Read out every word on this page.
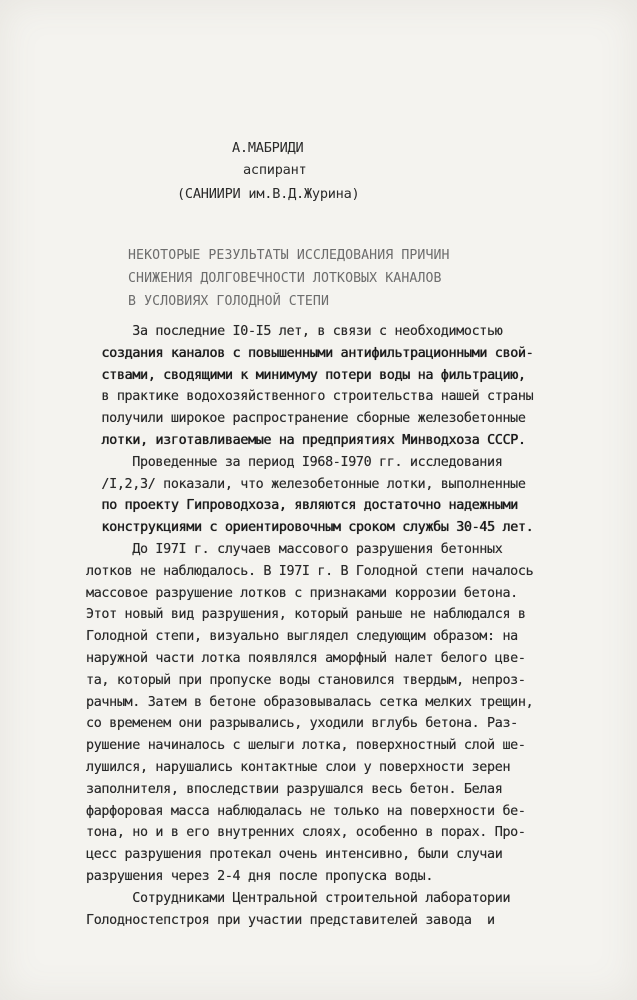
А.МАБРИДИ
аспирант
(САНИИРИ им.В.Д.Журина)
НЕКОТОРЫЕ РЕЗУЛЬТАТЫ ИССЛЕДОВАНИЯ ПРИЧИН
СНИЖЕНИЯ ДОЛГОВЕЧНОСТИ ЛОТКОВЫХ КАНАЛОВ
В УСЛОВИЯХ ГОЛОДНОЙ СТЕПИ
За последние I0-I5 лет, в связи с необходимостью
создания каналов с повышенными антифильтрационными свой-
ствами, сводящими к минимуму потери воды на фильтрацию,
в практике водохозяйственного строительства нашей страны
получили широкое распространение сборные железобетонные
лотки, изготавливаемые на предприятиях Минводхоза СССР.
Проведенные за период I968-I970 гг. исследования
/I,2,3/ показали, что железобетонные лотки, выполненные
по проекту Гипроводхоза, являются достаточно надежными
конструкциями с ориентировочным сроком службы 30-45 лет.
До I97I г. случаев массового разрушения бетонных
лотков не наблюдалось. В I97I г. В Голодной степи началось
массовое разрушение лотков с признаками коррозии бетона.
Этот новый вид разрушения, который раньше не наблюдался в
Голодной степи, визуально выглядел следующим образом: на
наружной части лотка появлялся аморфный налет белого цве-
та, который при пропуске воды становился твердым, непроз-
рачным. Затем в бетоне образовывалась сетка мелких трещин,
со временем они разрывались, уходили вглубь бетона. Раз-
рушение начиналось с шелыги лотка, поверхностный слой ше-
лушился, нарушались контактные слои у поверхности зерен
заполнителя, впоследствии разрушался весь бетон. Белая
фарфоровая масса наблюдалась не только на поверхности бе-
тона, но и в его внутренних слоях, особенно в порах. Про-
цесс разрушения протекал очень интенсивно, были случаи
разрушения через 2-4 дня после пропуска воды.
Сотрудниками Центральной строительной лаборатории
Голодностепстроя при участии представителей завода  и
